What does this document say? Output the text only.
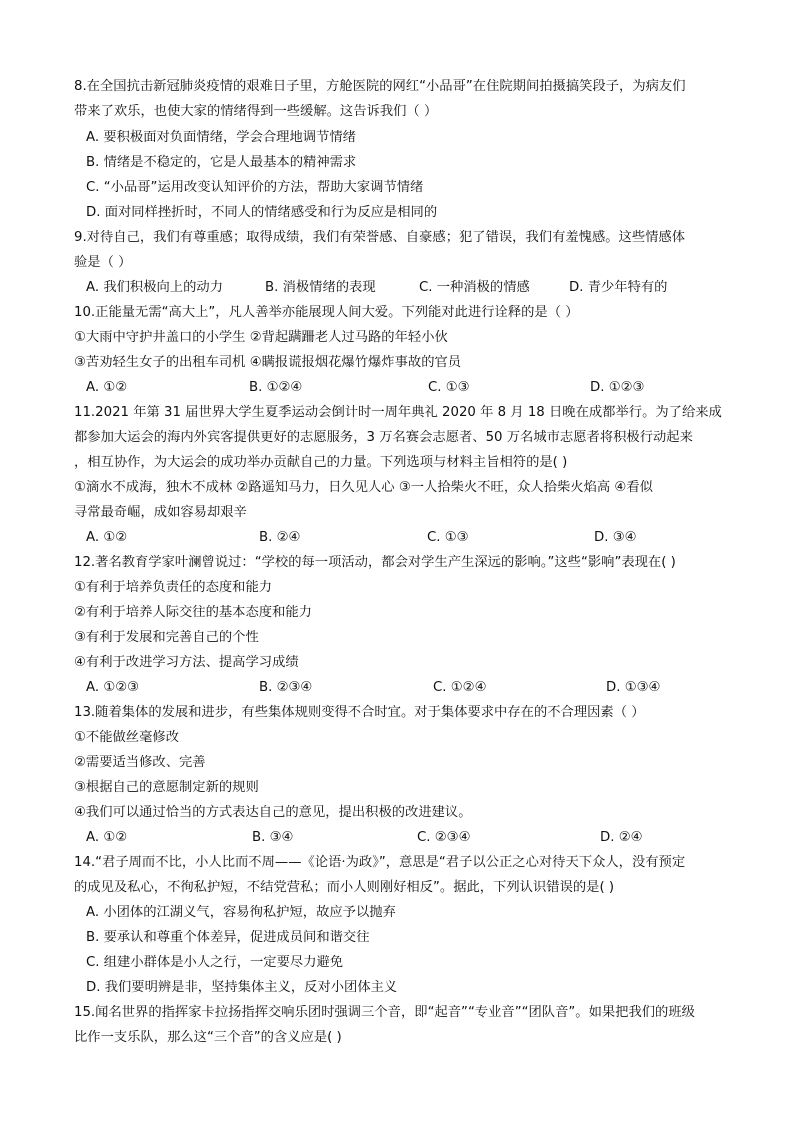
8.在全国抗击新冠肺炎疫情的艰难日子里，方舱医院的网红“小品哥”在住院期间拍摄搞笑段子，为病友们
带来了欢乐，也使大家的情绪得到一些缓解。这告诉我们（ ）
A. 要积极面对负面情绪，学会合理地调节情绪
B. 情绪是不稳定的，它是人最基本的精神需求
C. “小品哥”运用改变认知评价的方法，帮助大家调节情绪
D. 面对同样挫折时，不同人的情绪感受和行为反应是相同的
9.对待自己，我们有尊重感；取得成绩，我们有荣誉感、自豪感；犯了错误，我们有羞愧感。这些情感体
验是（ ）
A. 我们积极向上的动力	B. 消极情绪的表现	C. 一种消极的情感	D. 青少年特有的
10.正能量无需“高大上”，凡人善举亦能展现人间大爱。下列能对此进行诠释的是（ ）
①大雨中守护井盖口的小学生 ②背起蹒跚老人过马路的年轻小伙
③苦劝轻生女子的出租车司机 ④瞒报谎报烟花爆竹爆炸事故的官员
A. ①②	B. ①②④	C. ①③	D. ①②③
11.2021 年第 31 届世界大学生夏季运动会倒计时一周年典礼 2020 年 8 月 18 日晚在成都举行。为了给来成
都参加大运会的海内外宾客提供更好的志愿服务，3 万名赛会志愿者、50 万名城市志愿者将积极行动起来
，相互协作，为大运会的成功举办贡献自己的力量。下列选项与材料主旨相符的是( )
①滴水不成海，独木不成林 ②路遥知马力，日久见人心 ③一人拾柴火不旺，众人拾柴火焰高 ④看似
寻常最奇崛，成如容易却艰辛
A. ①②	B. ②④	C. ①③	D. ③④
12.著名教育学家叶澜曾说过：“学校的每一项活动，都会对学生产生深远的影响。”这些“影响”表现在( )
①有利于培养负责任的态度和能力
②有利于培养人际交往的基本态度和能力
③有利于发展和完善自己的个性
④有利于改进学习方法、提高学习成绩
A. ①②③	B. ②③④	C. ①②④	D. ①③④
13.随着集体的发展和进步，有些集体规则变得不合时宜。对于集体要求中存在的不合理因素（ ）
①不能做丝毫修改
②需要适当修改、完善
③根据自己的意愿制定新的规则
④我们可以通过恰当的方式表达自己的意见，提出积极的改进建议。
A. ①②	B. ③④	C. ②③④	D. ②④
14.“君子周而不比，小人比而不周——《论语·为政》”，意思是“君子以公正之心对待天下众人，没有预定
的成见及私心，不徇私护短，不结党营私；而小人则刚好相反”。据此，下列认识错误的是( )
A. 小团体的江湖义气，容易徇私护短，故应予以抛弃
B. 要承认和尊重个体差异，促进成员间和谐交往
C. 组建小群体是小人之行，一定要尽力避免
D. 我们要明辨是非，坚持集体主义，反对小团体主义
15.闻名世界的指挥家卡拉扬指挥交响乐团时强调三个音，即“起音”“专业音”“团队音”。如果把我们的班级
比作一支乐队，那么这“三个音”的含义应是( )
